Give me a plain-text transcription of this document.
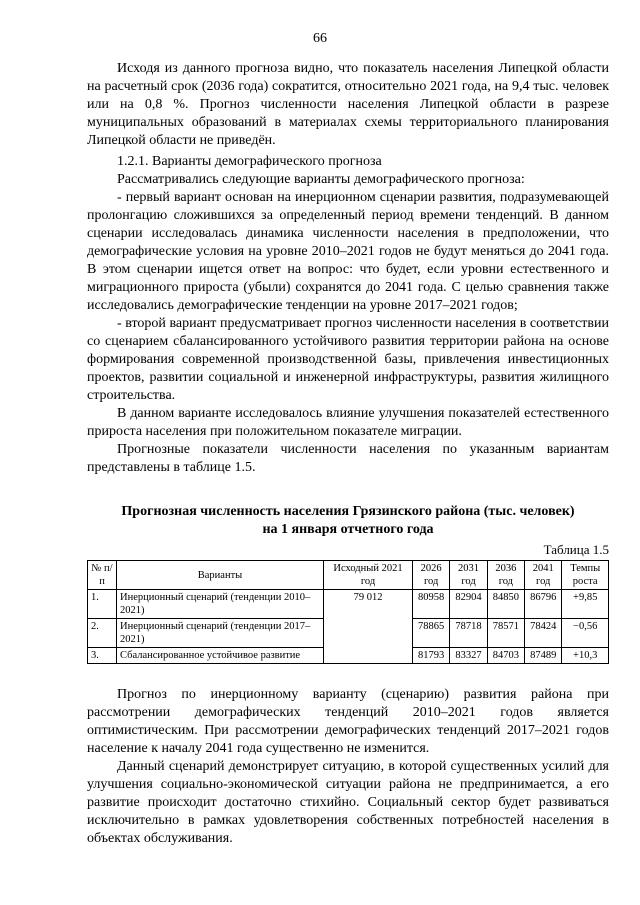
66

Исходя из данного прогноза видно, что показатель населения Липецкой области на расчетный срок (2036 года) сократится, относительно 2021 года, на 9,4 тыс. человек или на 0,8 %. Прогноз численности населения Липецкой области в разрезе муниципальных образований в материалах схемы территориального планирования Липецкой области не приведён.

1.2.1. Варианты демографического прогноза

Рассматривались следующие варианты демографического прогноза:

- первый вариант основан на инерционном сценарии развития, подразумевающей пролонгацию сложившихся за определенный период времени тенденций. В данном сценарии исследовалась динамика численности населения в предположении, что демографические условия на уровне 2010–2021 годов не будут меняться до 2041 года. В этом сценарии ищется ответ на вопрос: что будет, если уровни естественного и миграционного прироста (убыли) сохранятся до 2041 года. С целью сравнения также исследовались демографические тенденции на уровне 2017–2021 годов;

- второй вариант предусматривает прогноз численности населения в соответствии со сценарием сбалансированного устойчивого развития территории района на основе формирования современной производственной базы, привлечения инвестиционных проектов, развитии социальной и инженерной инфраструктуры, развития жилищного строительства.

В данном варианте исследовалось влияние улучшения показателей естественного прироста населения при положительном показателе миграции.

Прогнозные показатели численности населения по указанным вариантам представлены в таблице 1.5.

Прогнозная численность населения Грязинского района (тыс. человек)
на 1 января отчетного года
Таблица 1.5
№ п/п	Варианты	Исходный 2021 год	2026 год	2031 год	2036 год	2041 год	Темпы роста
1.	Инерционный сценарий (тенденции 2010–2021)	79 012	80958	82904	84850	86796	+9,85
2.	Инерционный сценарий (тенденции 2017–2021)		78865	78718	78571	78424	−0,56
3.	Сбалансированное устойчивое развитие		81793	83327	84703	87489	+10,3

Прогноз по инерционному варианту (сценарию) развития района при рассмотрении демографических тенденций 2010–2021 годов является оптимистическим. При рассмотрении демографических тенденций 2017–2021 годов население к началу 2041 года существенно не изменится.

Данный сценарий демонстрирует ситуацию, в которой существенных усилий для улучшения социально-экономической ситуации района не предпринимается, а его развитие происходит достаточно стихийно. Социальный сектор будет развиваться исключительно в рамках удовлетворения собственных потребностей населения в объектах обслуживания.
